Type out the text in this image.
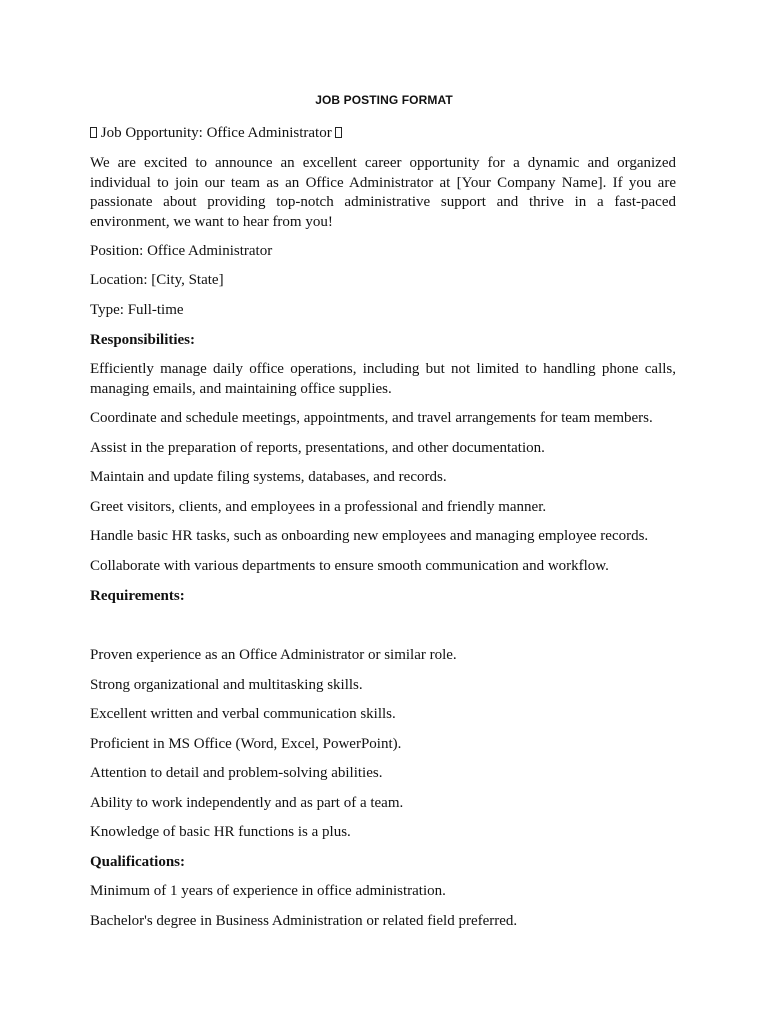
JOB POSTING FORMAT
Job Opportunity: Office Administrator
We are excited to announce an excellent career opportunity for a dynamic and organized individual to join our team as an Office Administrator at [Your Company Name]. If you are passionate about providing top-notch administrative support and thrive in a fast-paced environment, we want to hear from you!
Position: Office Administrator
Location: [City, State]
Type: Full-time
Responsibilities:
Efficiently manage daily office operations, including but not limited to handling phone calls, managing emails, and maintaining office supplies.
Coordinate and schedule meetings, appointments, and travel arrangements for team members.
Assist in the preparation of reports, presentations, and other documentation.
Maintain and update filing systems, databases, and records.
Greet visitors, clients, and employees in a professional and friendly manner.
Handle basic HR tasks, such as onboarding new employees and managing employee records.
Collaborate with various departments to ensure smooth communication and workflow.
Requirements:
Proven experience as an Office Administrator or similar role.
Strong organizational and multitasking skills.
Excellent written and verbal communication skills.
Proficient in MS Office (Word, Excel, PowerPoint).
Attention to detail and problem-solving abilities.
Ability to work independently and as part of a team.
Knowledge of basic HR functions is a plus.
Qualifications:
Minimum of 1 years of experience in office administration.
Bachelor's degree in Business Administration or related field preferred.
